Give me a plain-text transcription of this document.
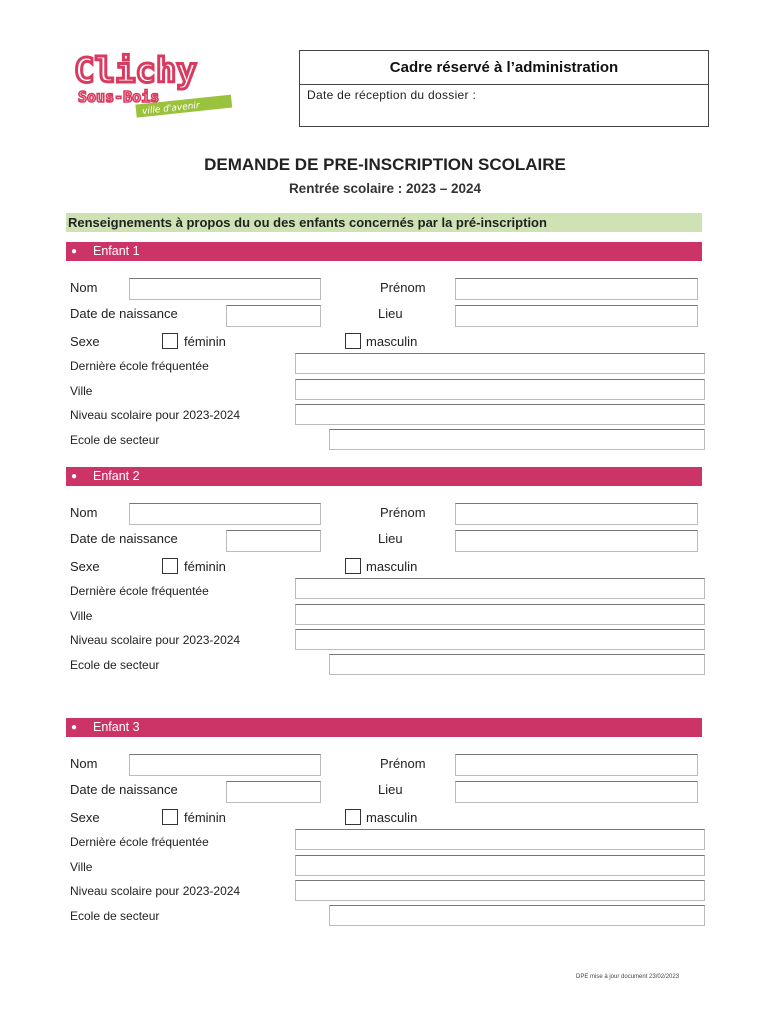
Clichy
Sous-Bois
ville d'avenir
Cadre réservé à l’administration
Date de réception du dossier :
DEMANDE DE PRE-INSCRIPTION SCOLAIRE
Rentrée scolaire : 2023 – 2024
Renseignements à propos du ou des enfants concernés par la pré-inscription
● Enfant 1
Nom	Prénom
Date de naissance	Lieu
Sexe	féminin	masculin
Dernière école fréquentée
Ville
Niveau scolaire pour 2023-2024
Ecole de secteur
● Enfant 2
Nom	Prénom
Date de naissance	Lieu
Sexe	féminin	masculin
Dernière école fréquentée
Ville
Niveau scolaire pour 2023-2024
Ecole de secteur
● Enfant 3
Nom	Prénom
Date de naissance	Lieu
Sexe	féminin	masculin
Dernière école fréquentée
Ville
Niveau scolaire pour 2023-2024
Ecole de secteur
DPE mise à jour document 23/02/2023
